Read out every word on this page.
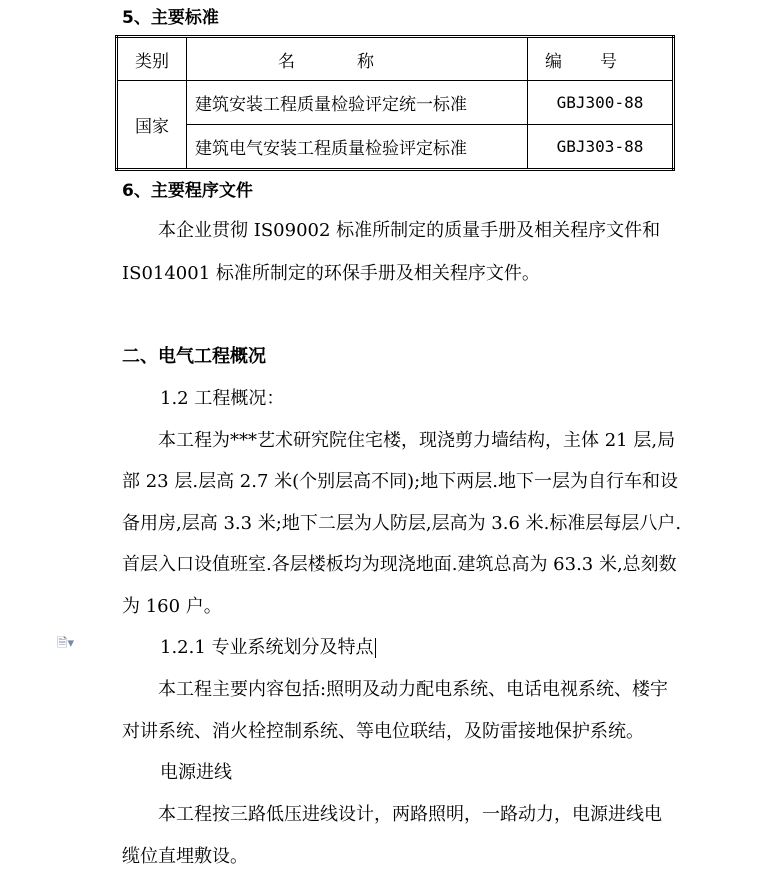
5、主要标准
类别	名称	编号
国家	建筑安装工程质量检验评定统一标准	GBJ300-88
	建筑电气安装工程质量检验评定标准	GBJ303-88
6、主要程序文件
本企业贯彻 IS09002 标准所制定的质量手册及相关程序文件和
IS014001 标准所制定的环保手册及相关程序文件。
二、电气工程概况
1.2 工程概况：
本工程为***艺术研究院住宅楼，现浇剪力墙结构，主体 21 层,局
部 23 层.层高 2.7 米(个别层高不同);地下两层.地下一层为自行车和设
备用房,层高 3.3 米;地下二层为人防层,层高为 3.6 米.标准层每层八户.
首层入口设值班室.各层楼板均为现浇地面.建筑总高为 63.3 米,总刻数
为 160 户。
🗎▾	1.2.1 专业系统划分及特点
本工程主要内容包括:照明及动力配电系统、电话电视系统、楼宇
对讲系统、消火栓控制系统、等电位联结，及防雷接地保护系统。
电源进线
本工程按三路低压进线设计，两路照明，一路动力，电源进线电
缆位直埋敷设。
